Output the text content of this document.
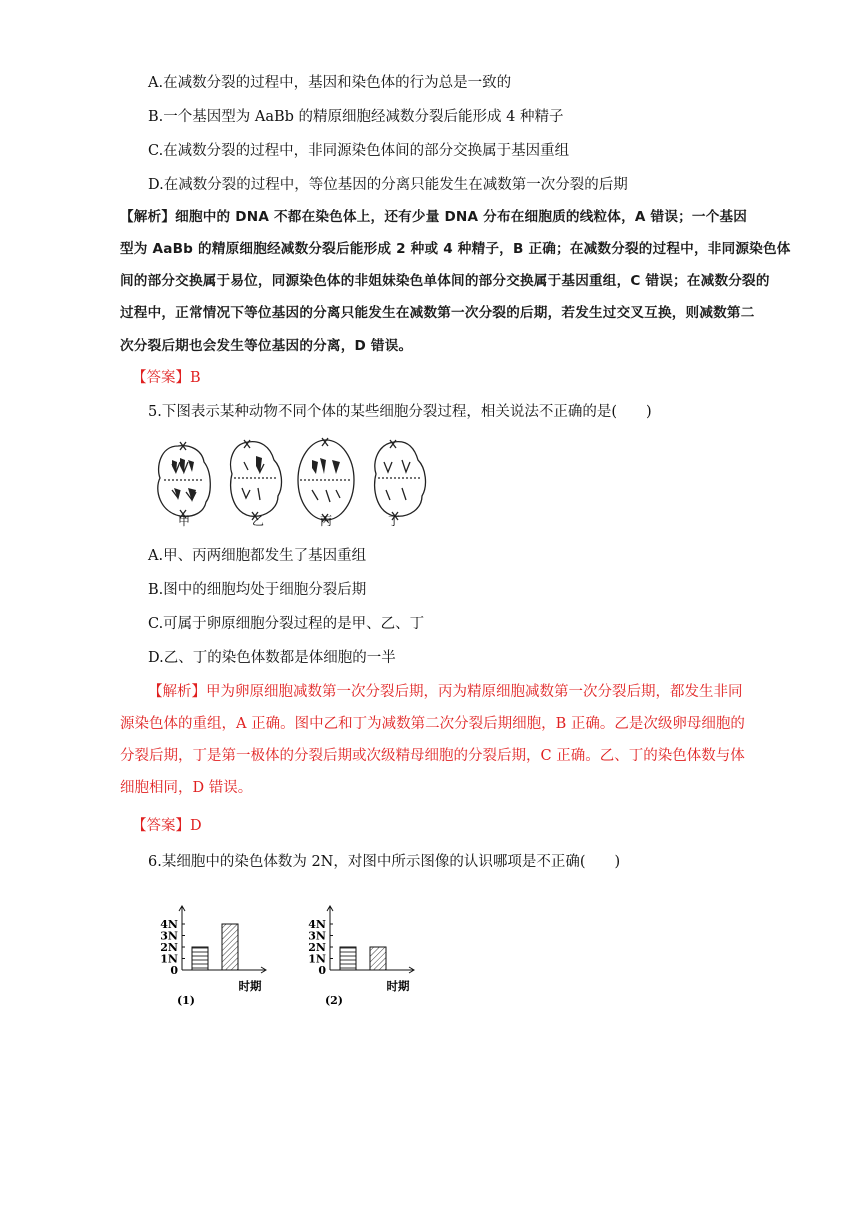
A.在减数分裂的过程中，基因和染色体的行为总是一致的
B.一个基因型为 AaBb 的精原细胞经减数分裂后能形成 4 种精子
C.在减数分裂的过程中，非同源染色体间的部分交换属于基因重组
D.在减数分裂的过程中，等位基因的分离只能发生在减数第一次分裂的后期
【解析】细胞中的 DNA 不都在染色体上，还有少量 DNA 分布在细胞质的线粒体，A 错误；一个基因
型为 AaBb 的精原细胞经减数分裂后能形成 2 种或 4 种精子，B 正确；在减数分裂的过程中，非同源染色体
间的部分交换属于易位，同源染色体的非姐妹染色单体间的部分交换属于基因重组，C 错误；在减数分裂的
过程中，正常情况下等位基因的分离只能发生在减数第一次分裂的后期，若发生过交叉互换，则减数第二
次分裂后期也会发生等位基因的分离，D 错误。
【答案】B
5.下图表示某种动物不同个体的某些细胞分裂过程，相关说法不正确的是(　　)
甲	乙	丙	丁
A.甲、丙两细胞都发生了基因重组
B.图中的细胞均处于细胞分裂后期
C.可属于卵原细胞分裂过程的是甲、乙、丁
D.乙、丁的染色体数都是体细胞的一半
【解析】甲为卵原细胞减数第一次分裂后期，丙为精原细胞减数第一次分裂后期，都发生非同源染色体的重组，A 正确。图中乙和丁为减数第二次分裂后期细胞，B 正确。乙是次级卵母细胞的分裂后期，丁是第一极体的分裂后期或次级精母细胞的分裂后期，C 正确。乙、丁的染色体数与体细胞相同，D 错误。
【答案】D
6.某细胞中的染色体数为 2N，对图中所示图像的认识哪项是不正确(　　)
4N
3N
2N
1N
0
时期
(1)
4N
3N
2N
1N
0
时期
(2)
